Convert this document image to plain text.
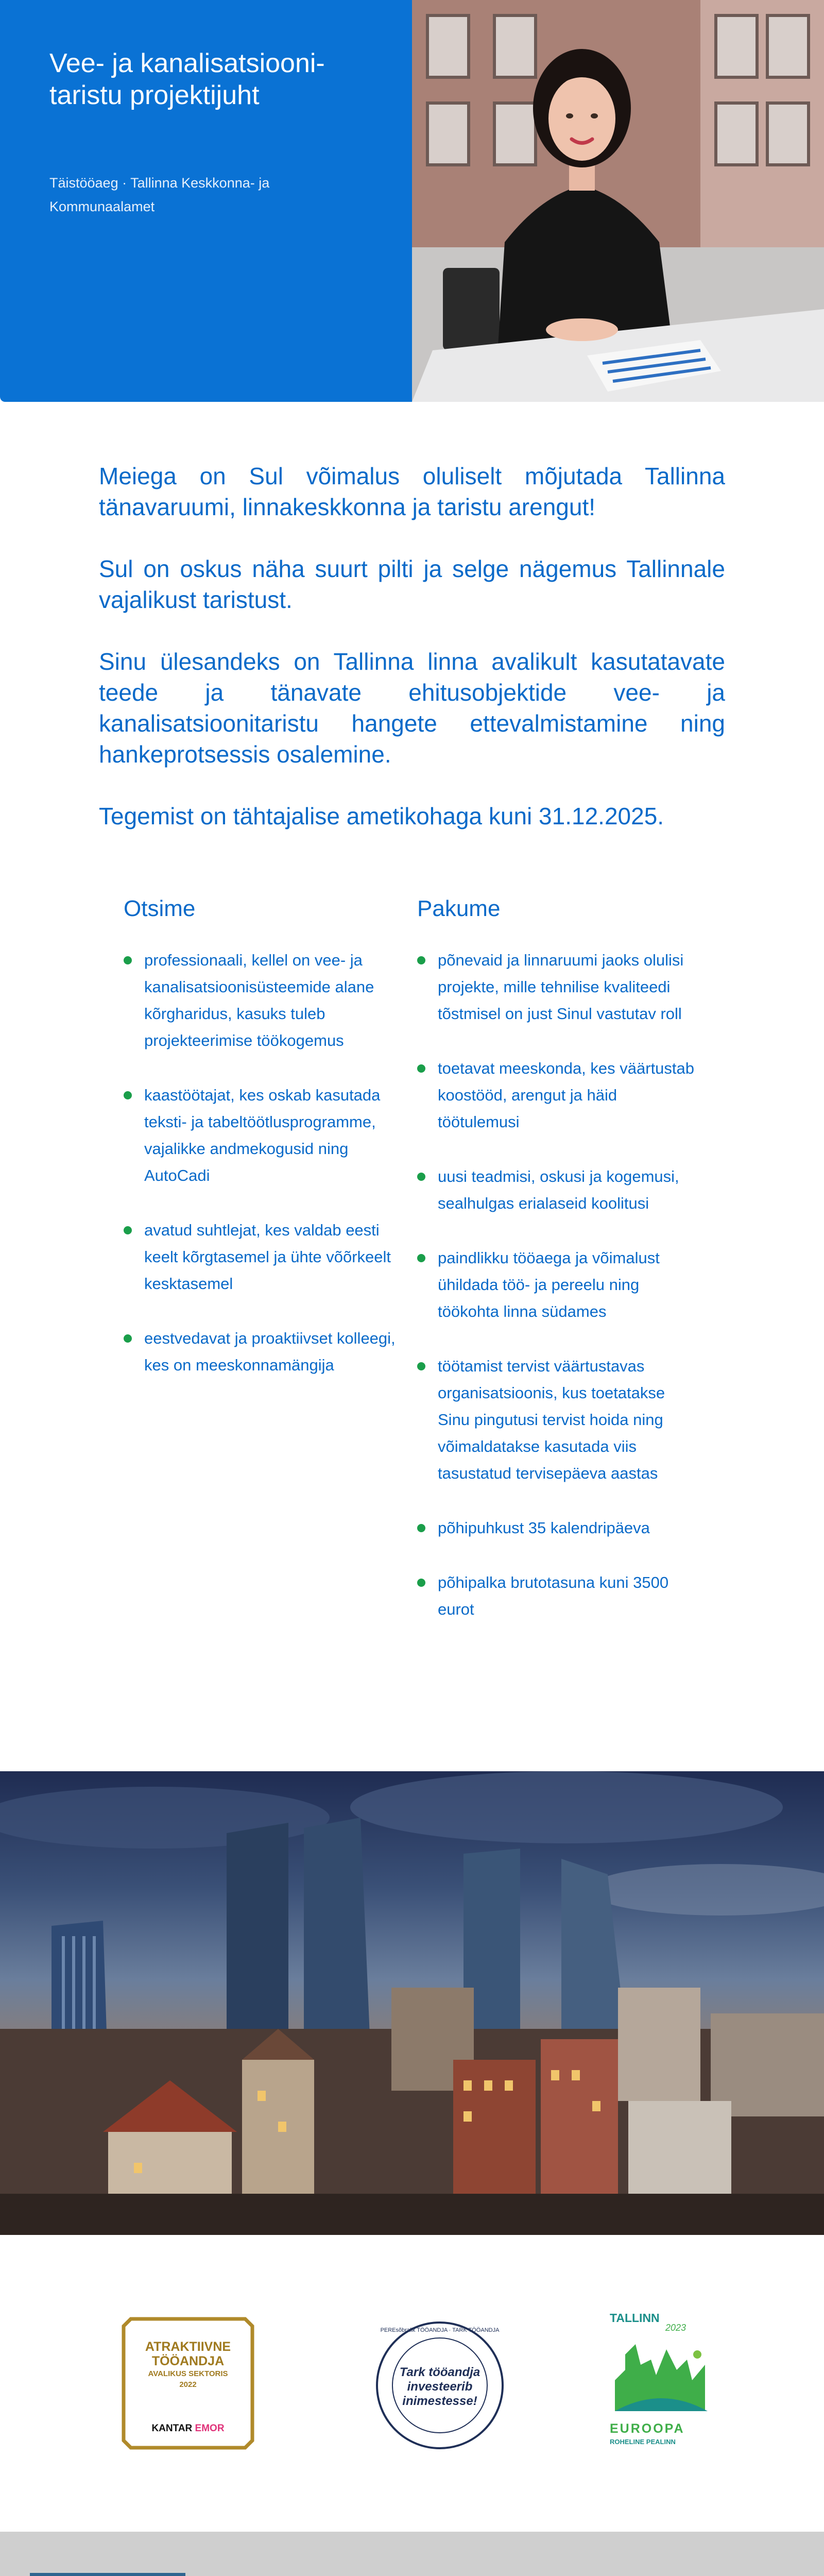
Vee- ja kanalisatsiooni-taristu projektijuht
Täistööaeg · Tallinna Keskkonna- ja Kommunaalamet

Meiega on Sul võimalus oluliselt mõjutada Tallinna tänavaruumi, linnakeskkonna ja taristu arengut!

Sul on oskus näha suurt pilti ja selge nägemus Tallinnale vajalikust taristust.

Sinu ülesandeks on Tallinna linna avalikult kasutatavate teede ja tänavate ehitusobjektide vee- ja kanalisatsioonitaristu hangete ettevalmistamine ning hankeprotsessis osalemine.

Tegemist on tähtajalise ametikohaga kuni 31.12.2025.

Otsime
professionaali, kellel on vee- ja kanalisatsioonisüsteemide alane kõrgharidus, kasuks tuleb projekteerimise töökogemus
kaastöötajat, kes oskab kasutada teksti- ja tabeltöötlusprogramme, vajalikke andmekogusid ning AutoCadi
avatud suhtlejat, kes valdab eesti keelt kõrgtasemel ja ühte võõrkeelt kesktasemel
eestvedavat ja proaktiivset kolleegi, kes on meeskonnamängija
Pakume
põnevaid ja linnaruumi jaoks olulisi projekte, mille tehnilise kvaliteedi tõstmisel on just Sinul vastutav roll
toetavat meeskonda, kes väärtustab koostööd, arengut ja häid töötulemusi
uusi teadmisi, oskusi ja kogemusi, sealhulgas erialaseid koolitusi
paindlikku tööaega ja võimalust ühildada töö- ja pereelu ning töökohta linna südames
töötamist tervist väärtustavas organisatsioonis, kus toetatakse Sinu pingutusi tervist hoida ning võimaldatakse kasutada viis tasustatud tervisepäeva aastas
põhipuhkust 35 kalendripäeva
põhipalka brutotasuna kuni 3500 eurot
ATRAKTIIVNE
TÖÖANDJA
AVALIKUS SEKTORIS
2022
KANTAR EMOR
PEREsõbralik TÖÖANDJA · TARK TÖÖANDJA
Tark tööandja
investeerib
inimestesse!
TALLINN
2023
EUROOPA
ROHELINE PEALINN
